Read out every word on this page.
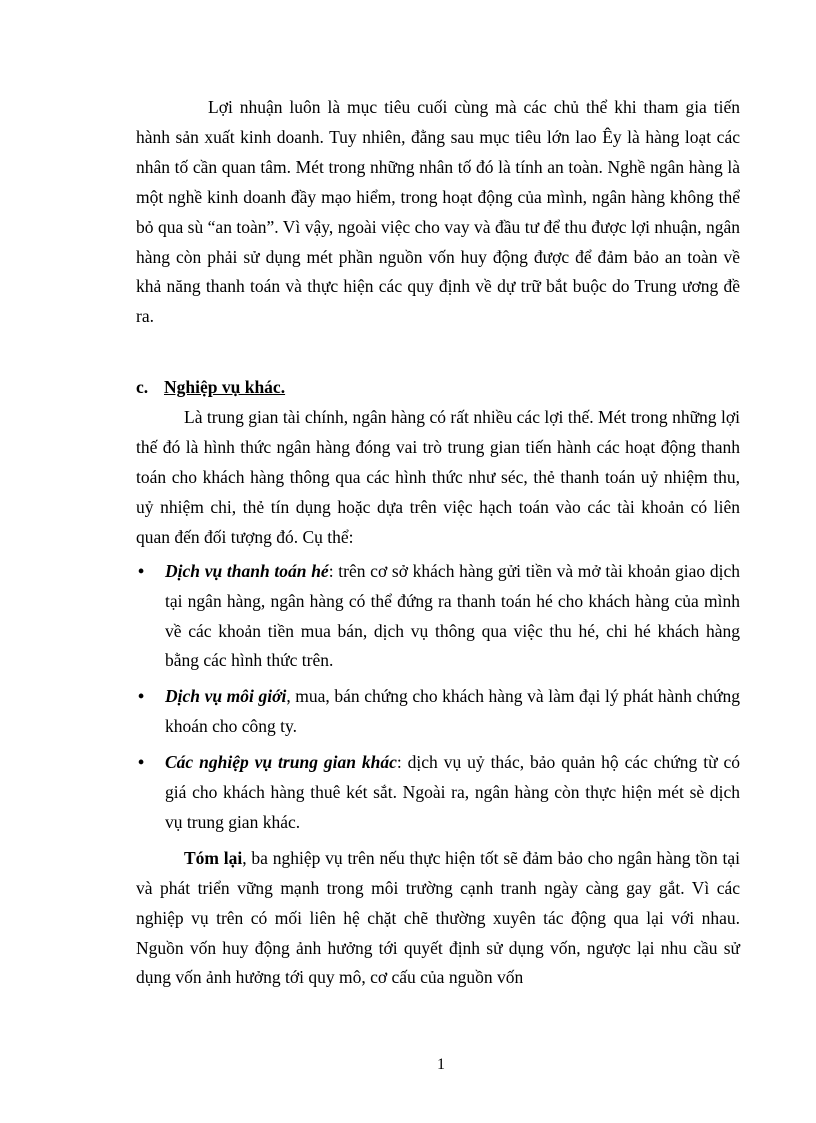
Lợi nhuận luôn là mục tiêu cuối cùng mà các chủ thể khi tham gia tiến hành sản xuất kinh doanh. Tuy nhiên, đằng sau mục tiêu lớn lao Êy là hàng loạt các nhân tố cần quan tâm. Mét trong những nhân tố đó là tính an toàn. Nghề ngân hàng là một nghề kinh doanh đầy mạo hiểm, trong hoạt động của mình, ngân hàng không thể bỏ qua sù “an toàn”. Vì vậy, ngoài việc cho vay và đầu tư để thu được lợi nhuận, ngân hàng còn phải sử dụng mét phần nguồn vốn huy động được để đảm bảo an toàn về khả năng thanh toán và thực hiện các quy định về dự trữ bắt buộc do Trung ương đề ra.

c. Nghiệp vụ khác.

Là trung gian tài chính, ngân hàng có rất nhiều các lợi thế. Mét trong những lợi thế đó là hình thức ngân hàng đóng vai trò trung gian tiến hành các hoạt động thanh toán cho khách hàng thông qua các hình thức như séc, thẻ thanh toán uỷ nhiệm thu, uỷ nhiệm chi, thẻ tín dụng hoặc dựa trên việc hạch toán vào các tài khoản có liên quan đến đối tượng đó. Cụ thể:

•	Dịch vụ thanh toán hé: trên cơ sở khách hàng gửi tiền và mở tài khoản giao dịch tại ngân hàng, ngân hàng có thể đứng ra thanh toán hé cho khách hàng của mình về các khoản tiền mua bán, dịch vụ thông qua việc thu hé, chi hé khách hàng bằng các hình thức trên.
•	Dịch vụ môi giới, mua, bán chứng cho khách hàng và làm đại lý phát hành chứng khoán cho công ty.
•	Các nghiệp vụ trung gian khác: dịch vụ uỷ thác, bảo quản hộ các chứng từ có giá cho khách hàng thuê két sắt. Ngoài ra, ngân hàng còn thực hiện mét sè dịch vụ trung gian khác.

Tóm lại, ba nghiệp vụ trên nếu thực hiện tốt sẽ đảm bảo cho ngân hàng tồn tại và phát triển vững mạnh trong môi trường cạnh tranh ngày càng gay gắt. Vì các nghiệp vụ trên có mối liên hệ chặt chẽ thường xuyên tác động qua lại với nhau. Nguồn vốn huy động ảnh hưởng tới quyết định sử dụng vốn, ngược lại nhu cầu sử dụng vốn ảnh hưởng tới quy mô, cơ cấu của nguồn vốn

1
